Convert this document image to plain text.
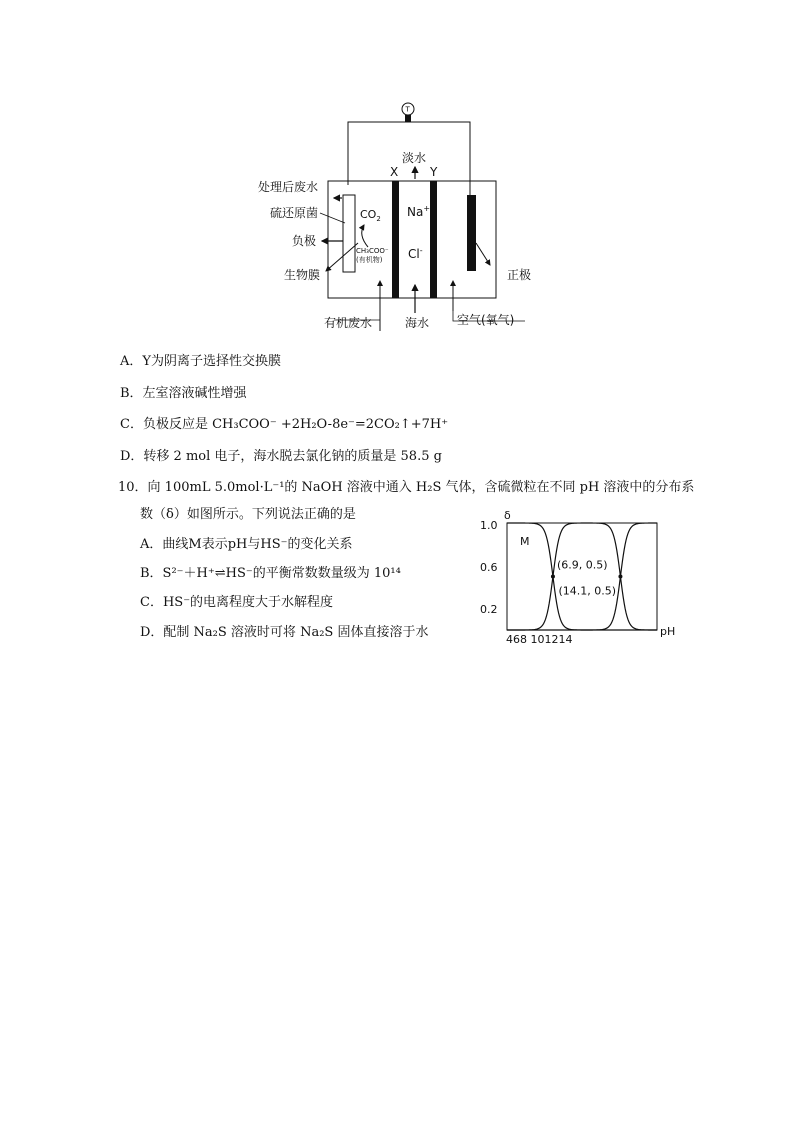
T
淡水
X	Y
Na+
Cl-
$CO_2$
CH₃COO⁻
(有机物)
处理后废水
硫还原菌
负极
生物膜
有机废水	海水 空气(氧气)
正极
A．Y为阴离子选择性交换膜
B．左室溶液碱性增强
C．负极反应是 CH₃COO⁻ +2H₂O-8e⁻=2CO₂↑+7H⁺
D．转移 2 mol 电子，海水脱去氯化钠的质量是 58.5 g
10．向 100mL 5.0mol·L⁻¹的 NaOH 溶液中通入 H₂S 气体，含硫微粒在不同 pH 溶液中的分布系
数（δ）如图所示。下列说法正确的是
A．曲线M表示pH与HS⁻的变化关系
B．S²⁻＋H⁺⇌HS⁻的平衡常数数量级为 10¹⁴
C．HS⁻的电离程度大于水解程度
D．配制 Na₂S 溶液时可将 Na₂S 固体直接溶于水
δ
1.0
0.6
0.2
468 101214
pH
M
(6.9, 0.5)
(14.1, 0.5)
